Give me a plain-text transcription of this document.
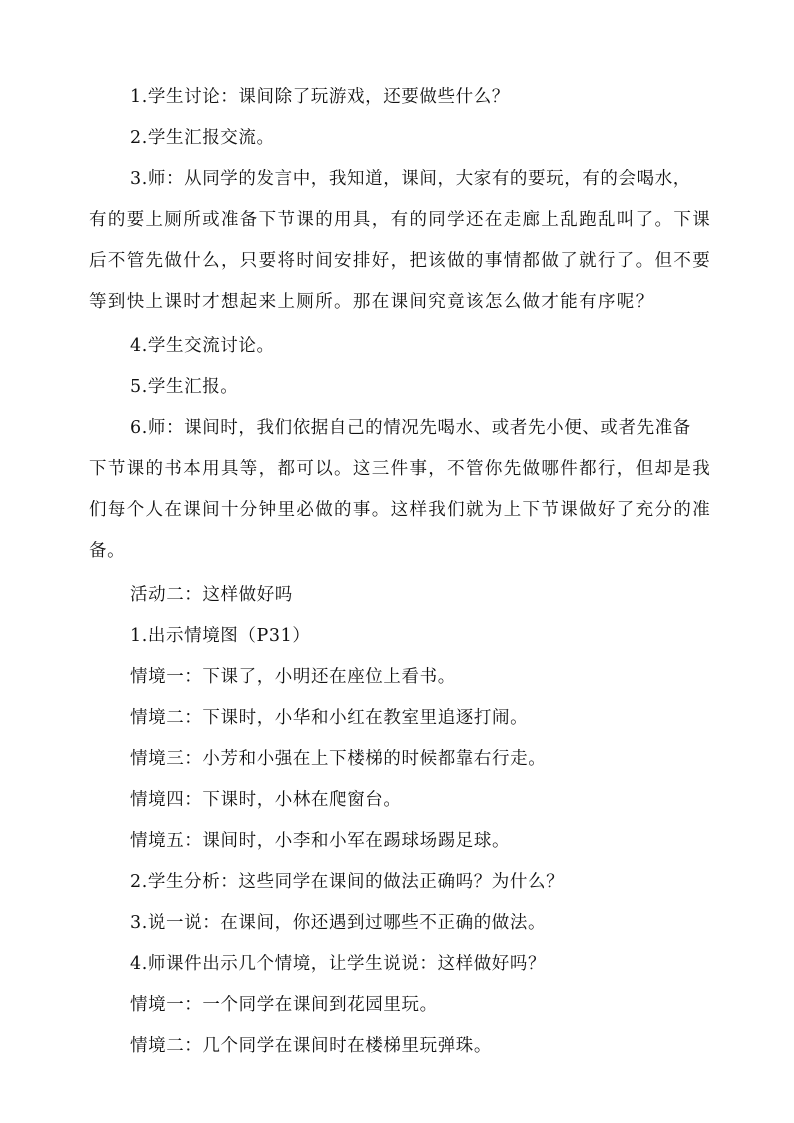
1.学生讨论：课间除了玩游戏，还要做些什么？
2.学生汇报交流。
3.师：从同学的发言中，我知道，课间，大家有的要玩，有的会喝水，
有的要上厕所或准备下节课的用具，有的同学还在走廊上乱跑乱叫了。下课
后不管先做什么，只要将时间安排好，把该做的事情都做了就行了。但不要
等到快上课时才想起来上厕所。那在课间究竟该怎么做才能有序呢？
4.学生交流讨论。
5.学生汇报。
6.师：课间时，我们依据自己的情况先喝水、或者先小便、或者先准备
下节课的书本用具等，都可以。这三件事，不管你先做哪件都行，但却是我
们每个人在课间十分钟里必做的事。这样我们就为上下节课做好了充分的准
备。
活动二：这样做好吗
1.出示情境图（P31）
情境一：下课了，小明还在座位上看书。
情境二：下课时，小华和小红在教室里追逐打闹。
情境三：小芳和小强在上下楼梯的时候都靠右行走。
情境四：下课时，小林在爬窗台。
情境五：课间时，小李和小军在踢球场踢足球。
2.学生分析：这些同学在课间的做法正确吗？为什么？
3.说一说：在课间，你还遇到过哪些不正确的做法。
4.师课件出示几个情境，让学生说说：这样做好吗？
情境一：一个同学在课间到花园里玩。
情境二：几个同学在课间时在楼梯里玩弹珠。
